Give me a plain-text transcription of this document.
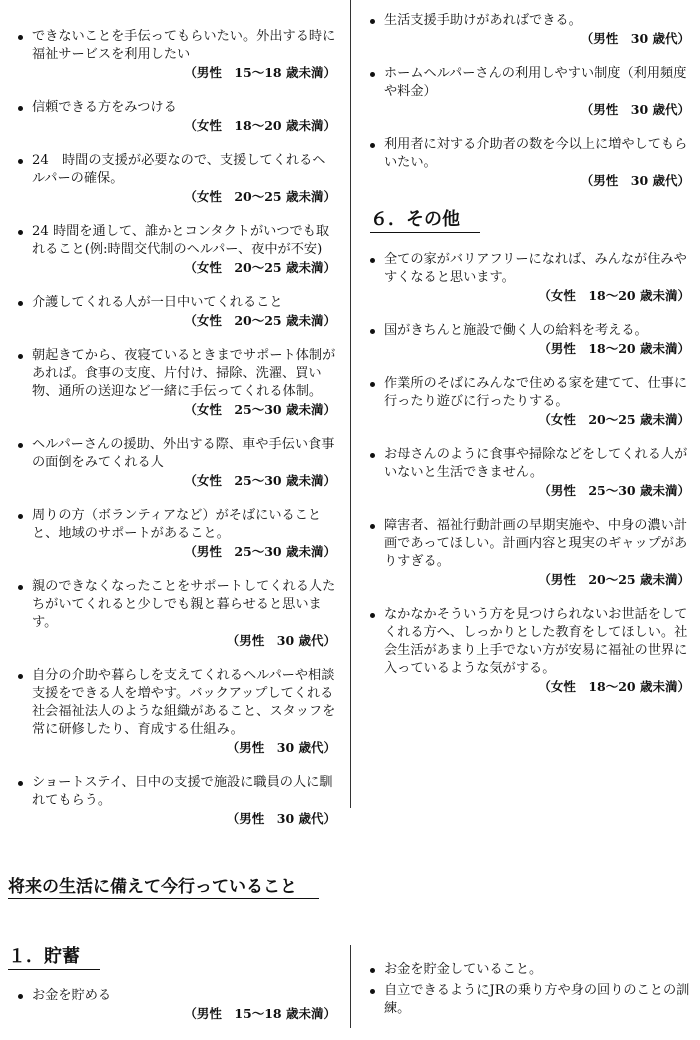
できないことを手伝ってもらいたい。外出する時に福祉サービスを利用したい
（男性　15～18 歳未満）
信頼できる方をみつける
（女性　18～20 歳未満）
24　時間の支援が必要なので、支援してくれるヘルパーの確保。
（女性　20～25 歳未満）
24 時間を通して、誰かとコンタクトがいつでも取れること(例:時間交代制のヘルパー、夜中が不安)
（女性　20～25 歳未満）
介護してくれる人が一日中いてくれること
（女性　20～25 歳未満）
朝起きてから、夜寝ているときまでサポート体制があれば。食事の支度、片付け、掃除、洗濯、買い物、通所の送迎など一緒に手伝ってくれる体制。
（女性　25～30 歳未満）
ヘルパーさんの援助、外出する際、車や手伝い食事の面倒をみてくれる人
（女性　25～30 歳未満）
周りの方（ボランティアなど）がそばにいることと、地域のサポートがあること。
（男性　25～30 歳未満）
親のできなくなったことをサポートしてくれる人たちがいてくれると少しでも親と暮らせると思います。
（男性　30 歳代）
自分の介助や暮らしを支えてくれるヘルパーや相談支援をできる人を増やす。バックアップしてくれる社会福祉法人のような組織があること、スタッフを常に研修したり、育成する仕組み。
（男性　30 歳代）
ショートステイ、日中の支援で施設に職員の人に馴れてもらう。
（男性　30 歳代）
生活支援手助けがあればできる。
（男性　30 歳代）
ホームヘルパーさんの利用しやすい制度（利用頻度や料金）
（男性　30 歳代）
利用者に対する介助者の数を今以上に増やしてもらいたい。
（男性　30 歳代）
６．その他
全ての家がバリアフリーになれば、みんなが住みやすくなると思います。
（女性　18～20 歳未満）
国がきちんと施設で働く人の給料を考える。
（男性　18～20 歳未満）
作業所のそばにみんなで住める家を建てて、仕事に行ったり遊びに行ったりする。
（女性　20～25 歳未満）
お母さんのように食事や掃除などをしてくれる人がいないと生活できません。
（男性　25～30 歳未満）
障害者、福祉行動計画の早期実施や、中身の濃い計画であってほしい。計画内容と現実のギャップがありすぎる。
（男性　20～25 歳未満）
なかなかそういう方を見つけられないお世話をしてくれる方へ、しっかりとした教育をしてほしい。社会生活があまり上手でない方が安易に福祉の世界に入っているような気がする。
（女性　18～20 歳未満）
将来の生活に備えて今行っていること
１．貯蓄
お金を貯める
（男性　15～18 歳未満）
お金を貯金していること。
自立できるようにJRの乗り方や身の回りのことの訓練。
